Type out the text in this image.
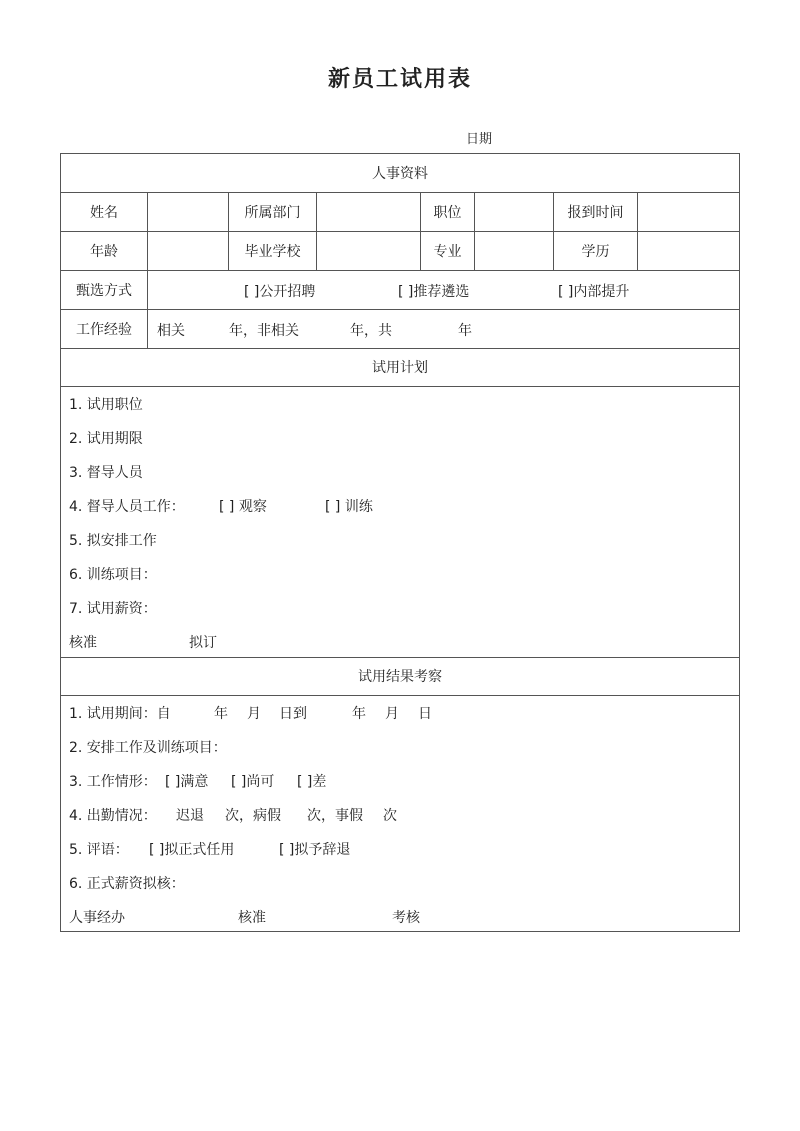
新员工试用表
日期
人事资料
姓名	所属部门	职位	报到时间
年龄	毕业学校	专业	学历
甄选方式	[ ]公开招聘	[ ]推荐遴选	[ ]内部提升
工作经验	相关	年，非相关	年，共	年
试用计划
1. 试用职位
2. 试用期限
3. 督导人员
4. 督导人员工作： [ ] 观察	[ ] 训练
5. 拟安排工作
6. 训练项目：
7. 试用薪资：
核准	拟订
试用结果考察
1. 试用期间：自	年 月 日到	年 月 日
2. 安排工作及训练项目：
3. 工作情形： [ ]满意 [ ]尚可 [ ]差
4. 出勤情况： 迟退 次，病假 次，事假 次
5. 评语： [ ]拟正式任用	[ ]拟予辞退
6. 正式薪资拟核：
人事经办	核准	考核
